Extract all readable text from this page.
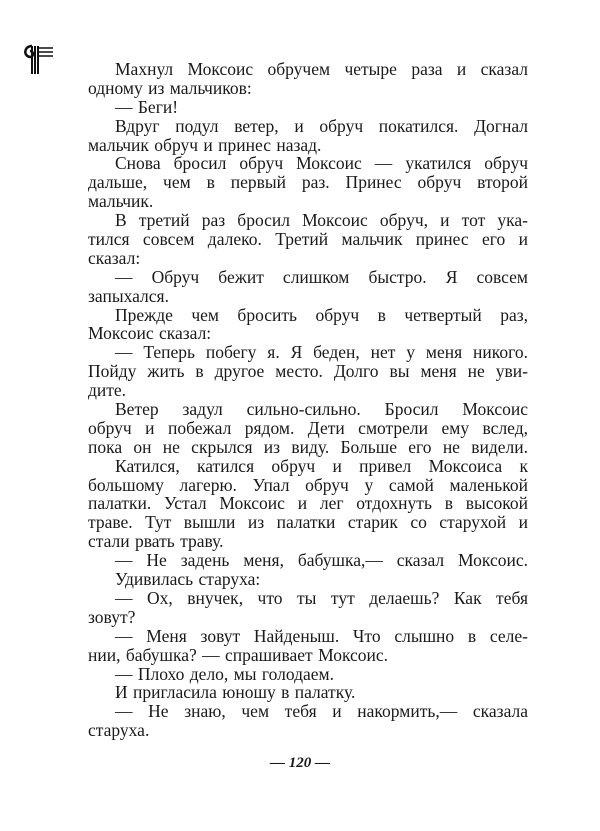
Махнул Моксоис обручем четыре раза и сказал
одному из мальчиков:
— Беги!
Вдруг подул ветер, и обруч покатился. Догнал
мальчик обруч и принес назад.
Снова бросил обруч Моксоис — укатился обруч
дальше, чем в первый раз. Принес обруч второй
мальчик.
В третий раз бросил Моксоис обруч, и тот ука-
тился совсем далеко. Третий мальчик принес его и
сказал:
— Обруч бежит слишком быстро. Я совсем
запыхался.
Прежде чем бросить обруч в четвертый раз,
Моксоис сказал:
— Теперь побегу я. Я беден, нет у меня никого.
Пойду жить в другое место. Долго вы меня не уви-
дите.
Ветер задул сильно-сильно. Бросил Моксоис
обруч и побежал рядом. Дети смотрели ему вслед,
пока он не скрылся из виду. Больше его не видели.
Катился, катился обруч и привел Моксоиса к
большому лагерю. Упал обруч у самой маленькой
палатки. Устал Моксоис и лег отдохнуть в высокой
траве. Тут вышли из палатки старик со старухой и
стали рвать траву.
— Не задень меня, бабушка,— сказал Моксоис.
Удивилась старуха:
— Ох, внучек, что ты тут делаешь? Как тебя
зовут?
— Меня зовут Найденыш. Что слышно в селе-
нии, бабушка? — спрашивает Моксоис.
— Плохо дело, мы голодаем.
И пригласила юношу в палатку.
— Не знаю, чем тебя и накормить,— сказала
старуха.
— 120 —
